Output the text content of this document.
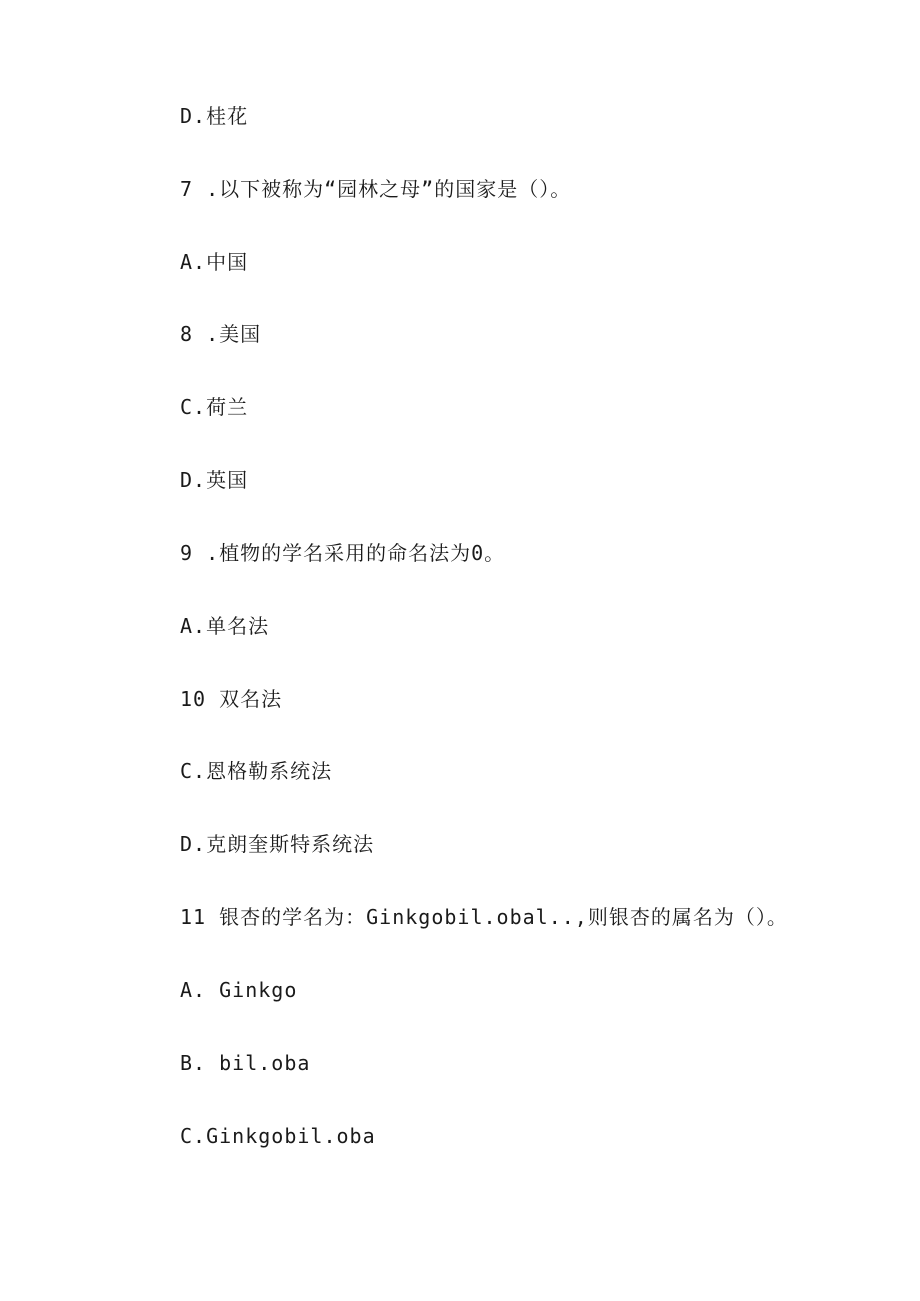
D.桂花
7 .以下被称为“园林之母”的国家是（）。
A.中国
8 .美国
C.荷兰
D.英国
9 .植物的学名采用的命名法为0。
A.单名法
10 双名法
C.恩格勒系统法
D.克朗奎斯特系统法
11 银杏的学名为：Ginkgobil.obal..,则银杏的属名为（）。
A. Ginkgo
B. bil.oba
C.Ginkgobil.oba
